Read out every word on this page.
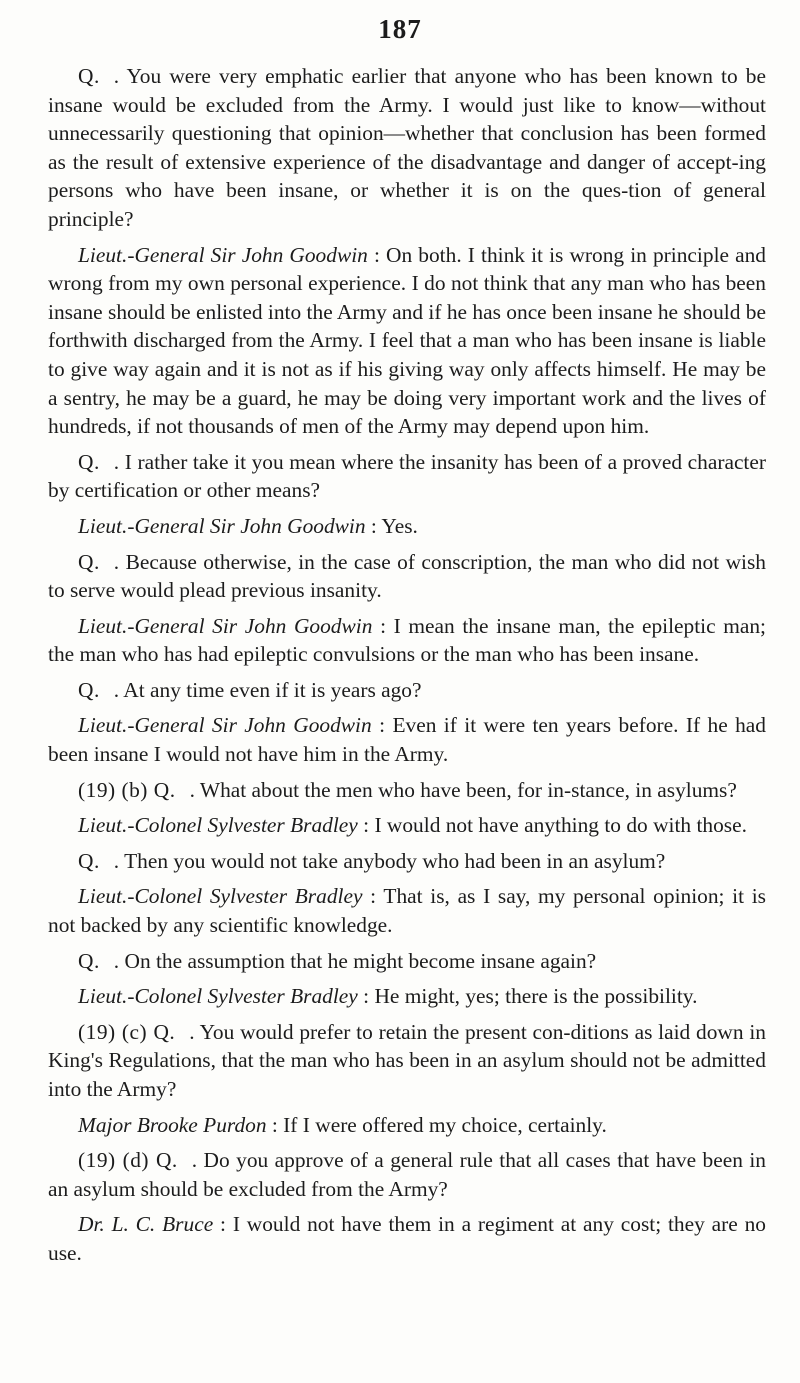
187

Q. . You were very emphatic earlier that anyone who has been known to be insane would be excluded from the Army. I would just like to know—without unnecessarily questioning that opinion—whether that conclusion has been formed as the result of extensive experience of the disadvantage and danger of accept-ing persons who have been insane, or whether it is on the ques-tion of general principle?

Lieut.-General Sir John Goodwin : On both. I think it is wrong in principle and wrong from my own personal experience. I do not think that any man who has been insane should be enlisted into the Army and if he has once been insane he should be forthwith discharged from the Army. I feel that a man who has been insane is liable to give way again and it is not as if his giving way only affects himself. He may be a sentry, he may be a guard, he may be doing very important work and the lives of hundreds, if not thousands of men of the Army may depend upon him.

Q. . I rather take it you mean where the insanity has been of a proved character by certification or other means?

Lieut.-General Sir John Goodwin : Yes.

Q. . Because otherwise, in the case of conscription, the man who did not wish to serve would plead previous insanity.

Lieut.-General Sir John Goodwin : I mean the insane man, the epileptic man; the man who has had epileptic convulsions or the man who has been insane.

Q. . At any time even if it is years ago?

Lieut.-General Sir John Goodwin : Even if it were ten years before. If he had been insane I would not have him in the Army.

(19) (b) Q. . What about the men who have been, for in-stance, in asylums?

Lieut.-Colonel Sylvester Bradley : I would not have anything to do with those.

Q. . Then you would not take anybody who had been in an asylum?

Lieut.-Colonel Sylvester Bradley : That is, as I say, my personal opinion; it is not backed by any scientific knowledge.

Q. . On the assumption that he might become insane again?

Lieut.-Colonel Sylvester Bradley : He might, yes; there is the possibility.

(19) (c) Q. . You would prefer to retain the present con-ditions as laid down in King's Regulations, that the man who has been in an asylum should not be admitted into the Army?

Major Brooke Purdon : If I were offered my choice, certainly.

(19) (d) Q. . Do you approve of a general rule that all cases that have been in an asylum should be excluded from the Army?

Dr. L. C. Bruce : I would not have them in a regiment at any cost; they are no use.
